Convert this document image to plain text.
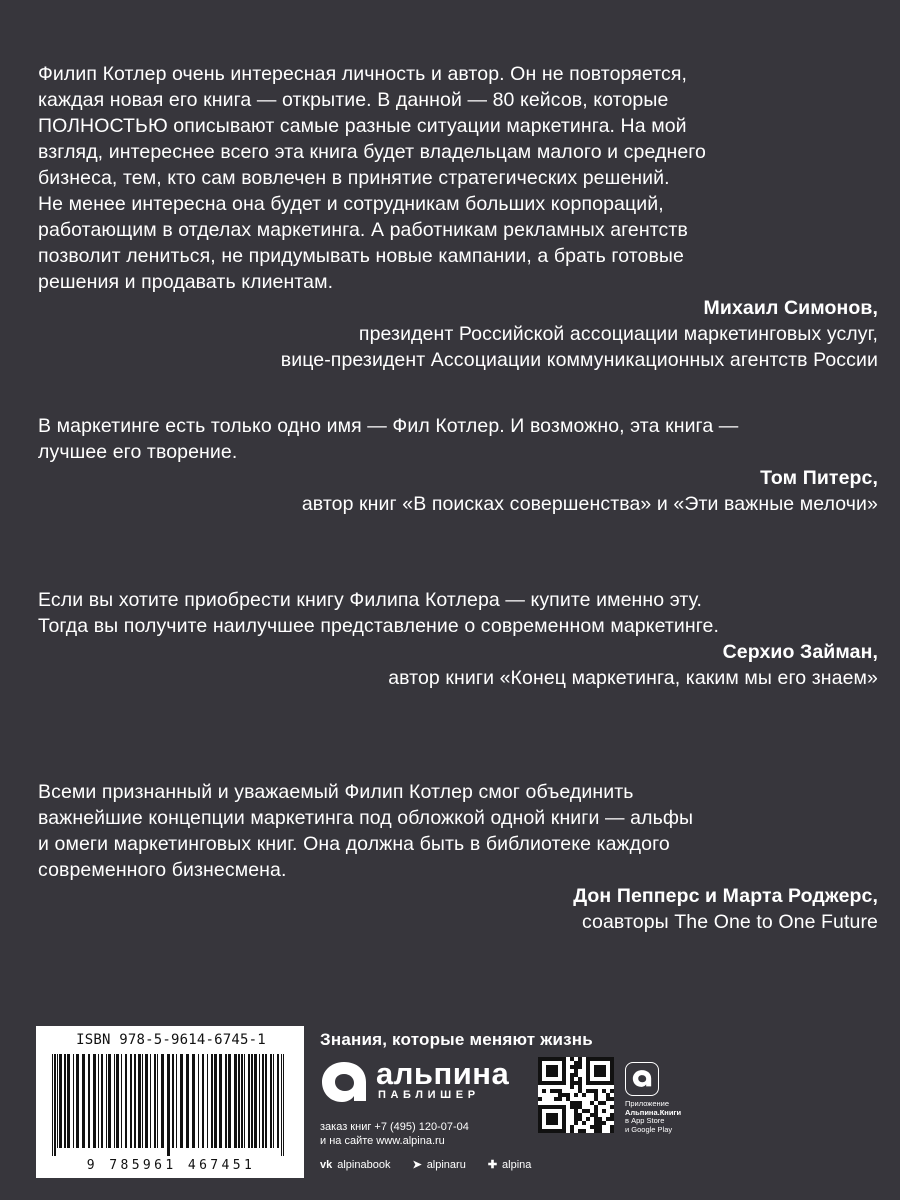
Филип Котлер очень интересная личность и автор. Он не повторяется,

каждая новая его книга — открытие. В данной — 80 кейсов, которые

ПОЛНОСТЬЮ описывают самые разные ситуации маркетинга. На мой

взгляд, интереснее всего эта книга будет владельцам малого и среднего

бизнеса, тем, кто сам вовлечен в принятие стратегических решений.

Не менее интересна она будет и сотрудникам больших корпораций,

работающим в отделах маркетинга. А работникам рекламных агентств

позволит лениться, не придумывать новые кампании, а брать готовые

решения и продавать клиентам.

Михаил Симонов,

президент Российской ассоциации маркетинговых услуг,

вице-президент Ассоциации коммуникационных агентств России

В маркетинге есть только одно имя — Фил Котлер. И возможно, эта книга —

лучшее его творение.

Том Питерс,

автор книг «В поисках совершенства» и «Эти важные мелочи»

Если вы хотите приобрести книгу Филипа Котлера — купите именно эту.

Тогда вы получите наилучшее представление о современном маркетинге.

Серхио Займан,

автор книги «Конец маркетинга, каким мы его знаем»

Всеми признанный и уважаемый Филип Котлер смог объединить

важнейшие концепции маркетинга под обложкой одной книги — альфы

и омеги маркетинговых книг. Она должна быть в библиотеке каждого

современного бизнесмена.

Дон Пепперс и Марта Роджерс,

соавторы The One to One Future

ISBN 978-5-9614-6745-1
9 785961 467451
Знания, которые меняют жизнь
альпина
ПАБЛИШЕР
заказ книг +7 (495) 120-07-04
и на сайте www.alpina.ru
Приложение
Альпина.Книги
в App Store
и Google Play
vk alpinabook ➤ alpinaru ✚ alpina
